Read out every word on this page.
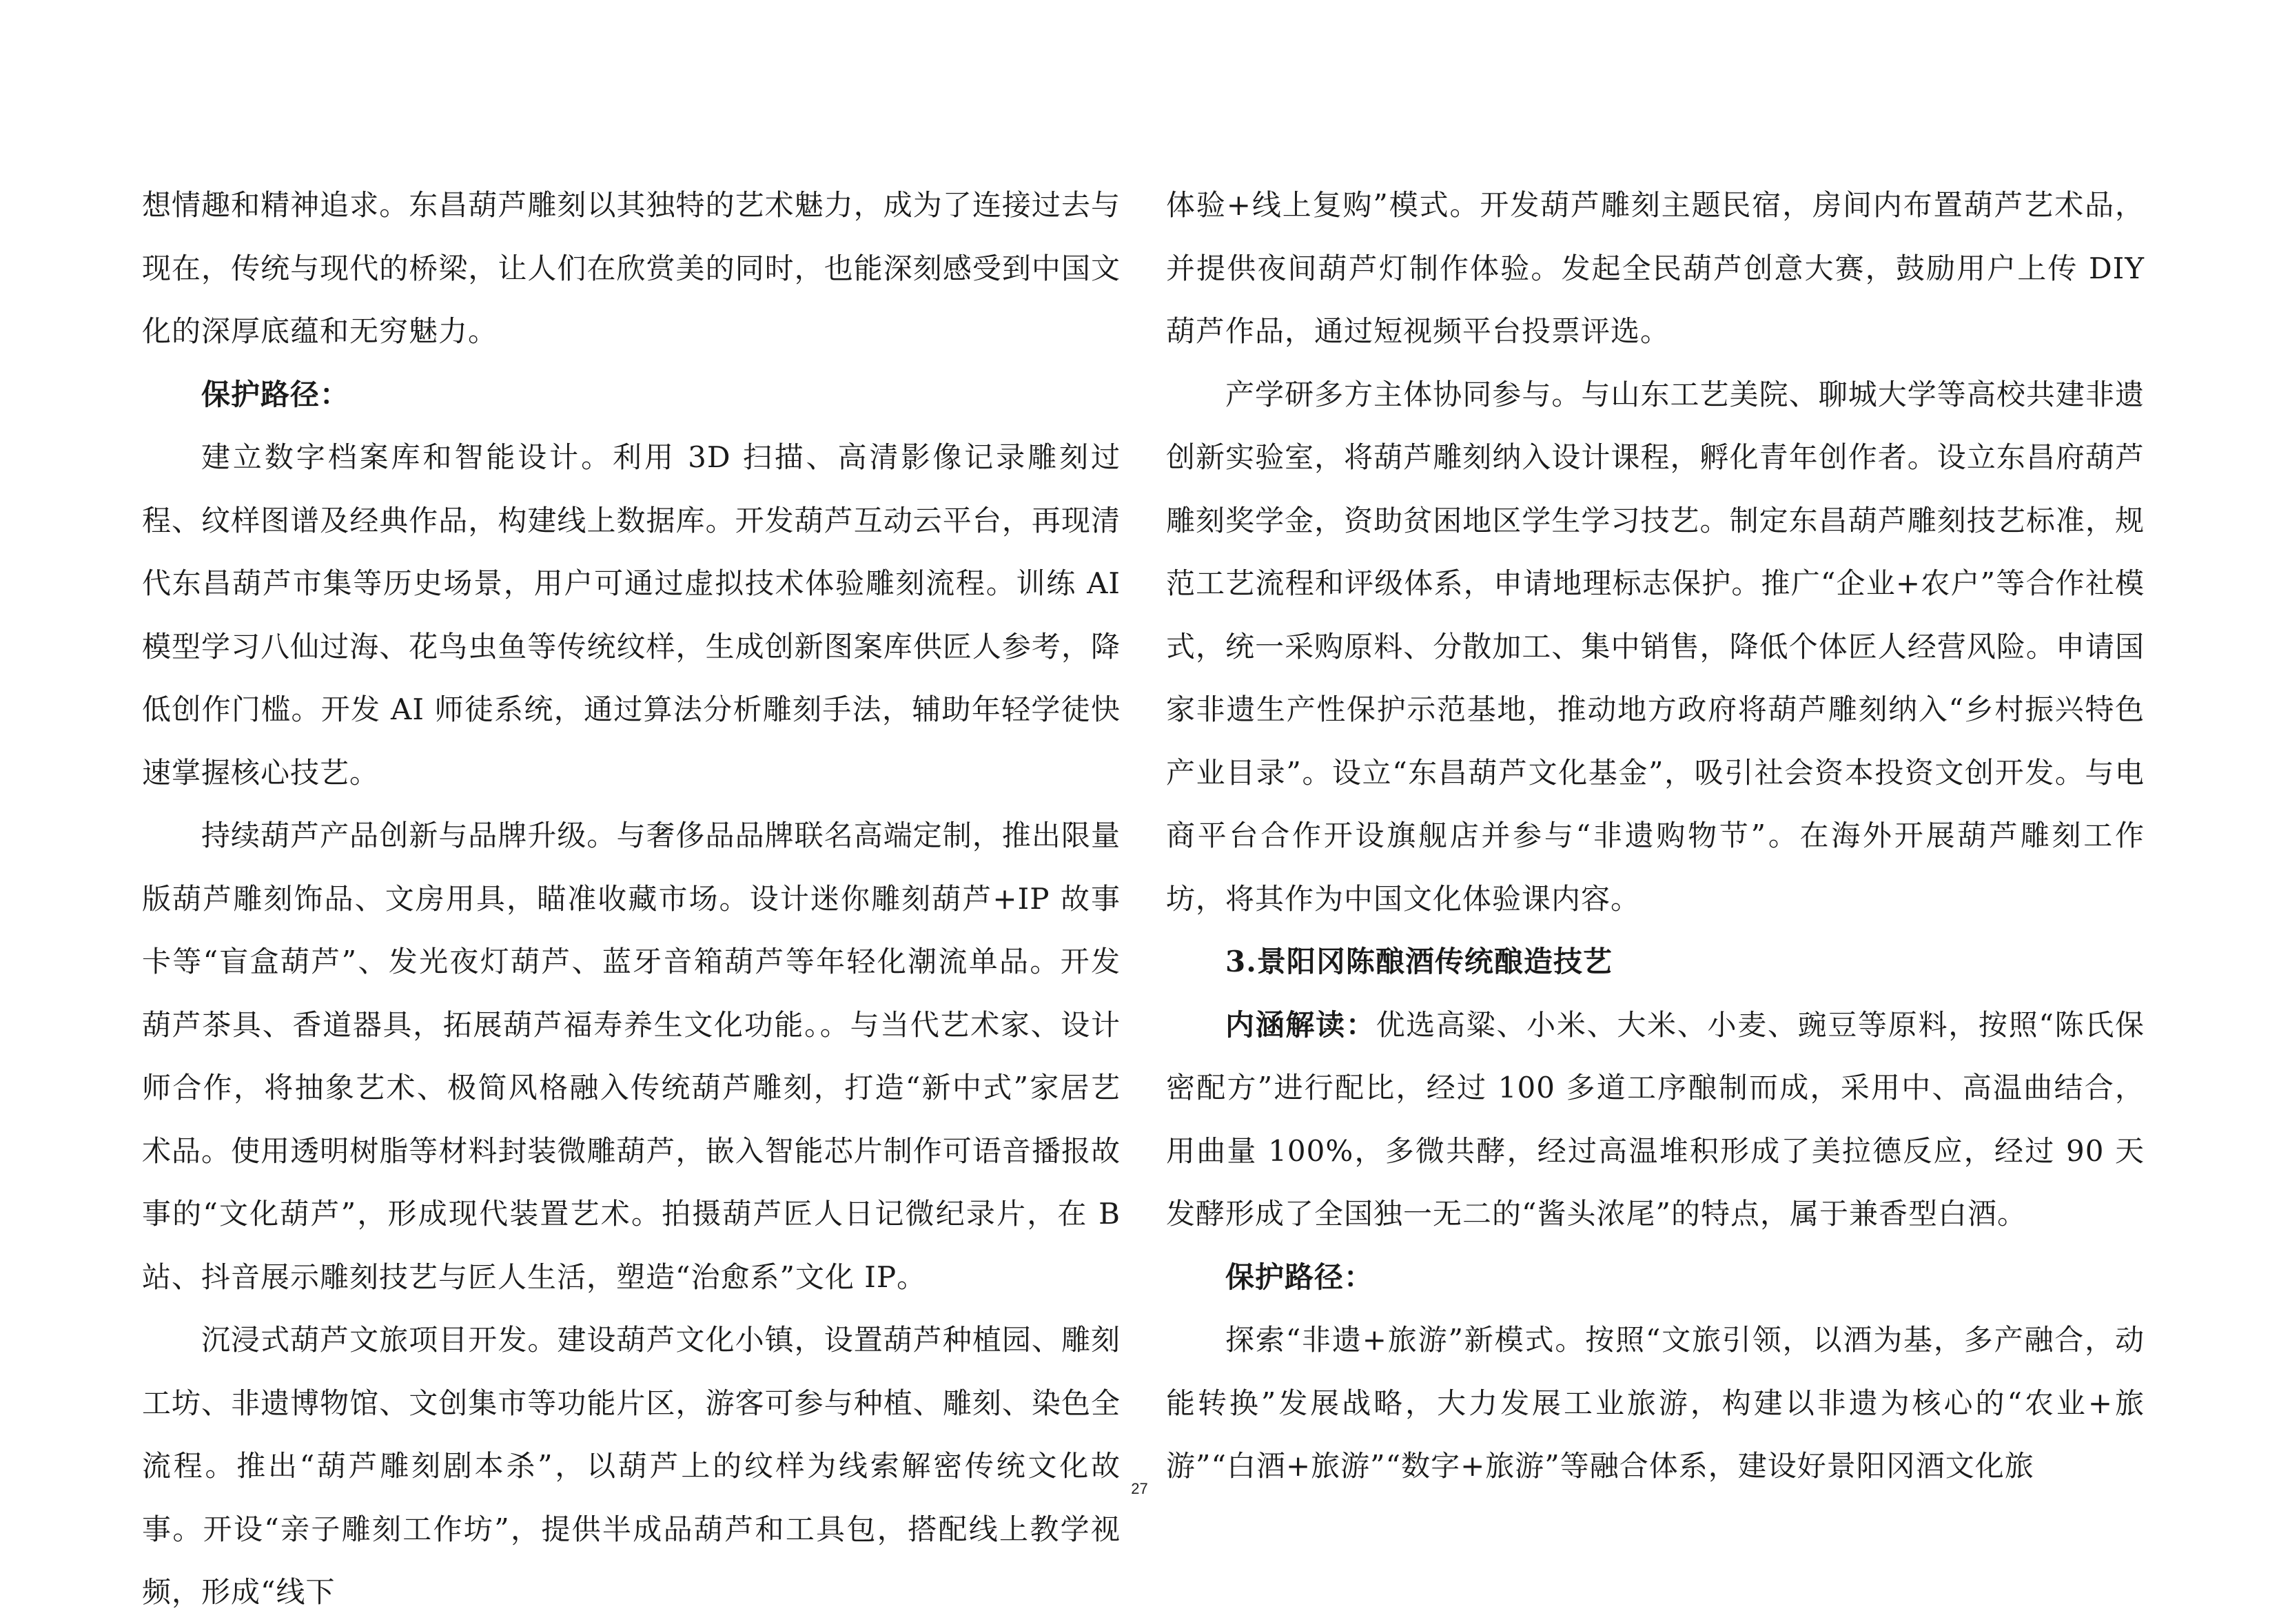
想情趣和精神追求。东昌葫芦雕刻以其独特的艺术魅力，成为了连接过去与现在，传统与现代的桥梁，让人们在欣赏美的同时，也能深刻感受到中国文化的深厚底蕴和无穷魅力。

保护路径：

建立数字档案库和智能设计。利用 3D 扫描、高清影像记录雕刻过程、纹样图谱及经典作品，构建线上数据库。开发葫芦互动云平台，再现清代东昌葫芦市集等历史场景，用户可通过虚拟技术体验雕刻流程。训练 AI 模型学习八仙过海、花鸟虫鱼等传统纹样，生成创新图案库供匠人参考，降低创作门槛。开发 AI 师徒系统，通过算法分析雕刻手法，辅助年轻学徒快速掌握核心技艺。

持续葫芦产品创新与品牌升级。与奢侈品品牌联名高端定制，推出限量版葫芦雕刻饰品、文房用具，瞄准收藏市场。设计迷你雕刻葫芦+IP 故事卡等“盲盒葫芦”、发光夜灯葫芦、蓝牙音箱葫芦等年轻化潮流单品。开发葫芦茶具、香道器具，拓展葫芦福寿养生文化功能。。与当代艺术家、设计师合作，将抽象艺术、极简风格融入传统葫芦雕刻，打造“新中式”家居艺术品。使用透明树脂等材料封装微雕葫芦，嵌入智能芯片制作可语音播报故事的“文化葫芦”，形成现代装置艺术。拍摄葫芦匠人日记微纪录片，在 B 站、抖音展示雕刻技艺与匠人生活，塑造“治愈系”文化 IP。

沉浸式葫芦文旅项目开发。建设葫芦文化小镇，设置葫芦种植园、雕刻工坊、非遗博物馆、文创集市等功能片区，游客可参与种植、雕刻、染色全流程。推出“葫芦雕刻剧本杀”，以葫芦上的纹样为线索解密传统文化故事。开设“亲子雕刻工作坊”，提供半成品葫芦和工具包，搭配线上教学视频，形成“线下

体验+线上复购”模式。开发葫芦雕刻主题民宿，房间内布置葫芦艺术品，并提供夜间葫芦灯制作体验。发起全民葫芦创意大赛，鼓励用户上传 DIY 葫芦作品，通过短视频平台投票评选。

产学研多方主体协同参与。与山东工艺美院、聊城大学等高校共建非遗创新实验室，将葫芦雕刻纳入设计课程，孵化青年创作者。设立东昌府葫芦雕刻奖学金，资助贫困地区学生学习技艺。制定东昌葫芦雕刻技艺标准，规范工艺流程和评级体系，申请地理标志保护。推广“企业+农户”等合作社模式，统一采购原料、分散加工、集中销售，降低个体匠人经营风险。申请国家非遗生产性保护示范基地，推动地方政府将葫芦雕刻纳入“乡村振兴特色产业目录”。设立“东昌葫芦文化基金”，吸引社会资本投资文创开发。与电商平台合作开设旗舰店并参与“非遗购物节”。在海外开展葫芦雕刻工作坊，将其作为中国文化体验课内容。

3.景阳冈陈酿酒传统酿造技艺

内涵解读：优选高粱、小米、大米、小麦、豌豆等原料，按照“陈氏保密配方”进行配比，经过 100 多道工序酿制而成，采用中、高温曲结合，用曲量 100%，多微共酵，经过高温堆积形成了美拉德反应，经过 90 天发酵形成了全国独一无二的“酱头浓尾”的特点，属于兼香型白酒。

保护路径：

探索“非遗+旅游”新模式。按照“文旅引领，以酒为基，多产融合，动能转换”发展战略，大力发展工业旅游，构建以非遗为核心的“农业+旅游”“白酒+旅游”“数字+旅游”等融合体系，建设好景阳冈酒文化旅

27
